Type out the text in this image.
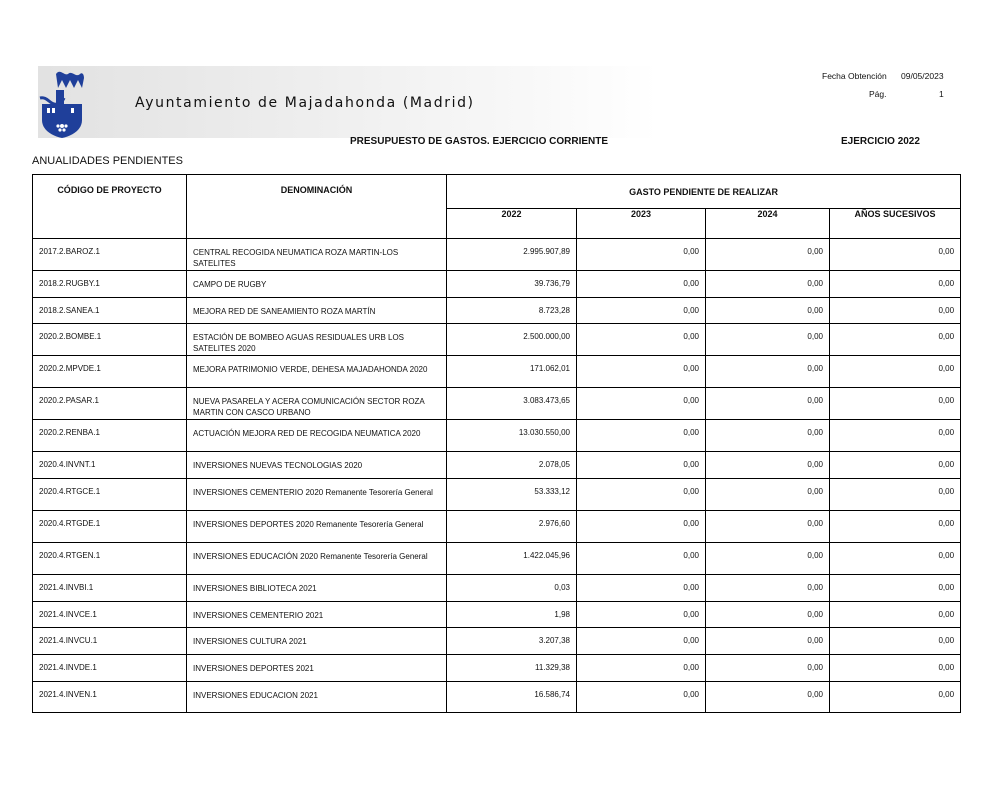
Ayuntamiento de Majadahonda (Madrid)
Fecha Obtención 09/05/2023
Pág.	1
PRESUPUESTO DE GASTOS. EJERCICIO CORRIENTE	EJERCICIO 2022
ANUALIDADES PENDIENTES
CÓDIGO DE PROYECTO	DENOMINACIÓN	GASTO PENDIENTE DE REALIZAR			
		2022	2023	2024	AÑOS SUCESIVOS
2017.2.BAROZ.1	CENTRAL RECOGIDA NEUMATICA ROZA MARTIN-LOS SATELITES	2.995.907,89	0,00	0,00	0,00
2018.2.RUGBY.1	CAMPO DE RUGBY	39.736,79	0,00	0,00	0,00
2018.2.SANEA.1	MEJORA RED DE SANEAMIENTO ROZA MARTÍN	8.723,28	0,00	0,00	0,00
2020.2.BOMBE.1	ESTACIÓN DE BOMBEO AGUAS RESIDUALES URB LOS SATELITES 2020	2.500.000,00	0,00	0,00	0,00
2020.2.MPVDE.1	MEJORA PATRIMONIO VERDE, DEHESA MAJADAHONDA 2020	171.062,01	0,00	0,00	0,00
2020.2.PASAR.1	NUEVA PASARELA Y ACERA COMUNICACIÓN SECTOR ROZA MARTIN CON CASCO URBANO	3.083.473,65	0,00	0,00	0,00
2020.2.RENBA.1	ACTUACIÓN MEJORA RED DE RECOGIDA NEUMATICA 2020	13.030.550,00	0,00	0,00	0,00
2020.4.INVNT.1	INVERSIONES NUEVAS TECNOLOGIAS 2020	2.078,05	0,00	0,00	0,00
2020.4.RTGCE.1	INVERSIONES CEMENTERIO 2020 Remanente Tesorería General	53.333,12	0,00	0,00	0,00
2020.4.RTGDE.1	INVERSIONES DEPORTES 2020 Remanente Tesorería General	2.976,60	0,00	0,00	0,00
2020.4.RTGEN.1	INVERSIONES EDUCACIÓN 2020 Remanente Tesorería General	1.422.045,96	0,00	0,00	0,00
2021.4.INVBI.1	INVERSIONES BIBLIOTECA 2021	0,03	0,00	0,00	0,00
2021.4.INVCE.1	INVERSIONES CEMENTERIO 2021	1,98	0,00	0,00	0,00
2021.4.INVCU.1	INVERSIONES CULTURA 2021	3.207,38	0,00	0,00	0,00
2021.4.INVDE.1	INVERSIONES DEPORTES 2021	11.329,38	0,00	0,00	0,00
2021.4.INVEN.1	INVERSIONES EDUCACION 2021	16.586,74	0,00	0,00	0,00
